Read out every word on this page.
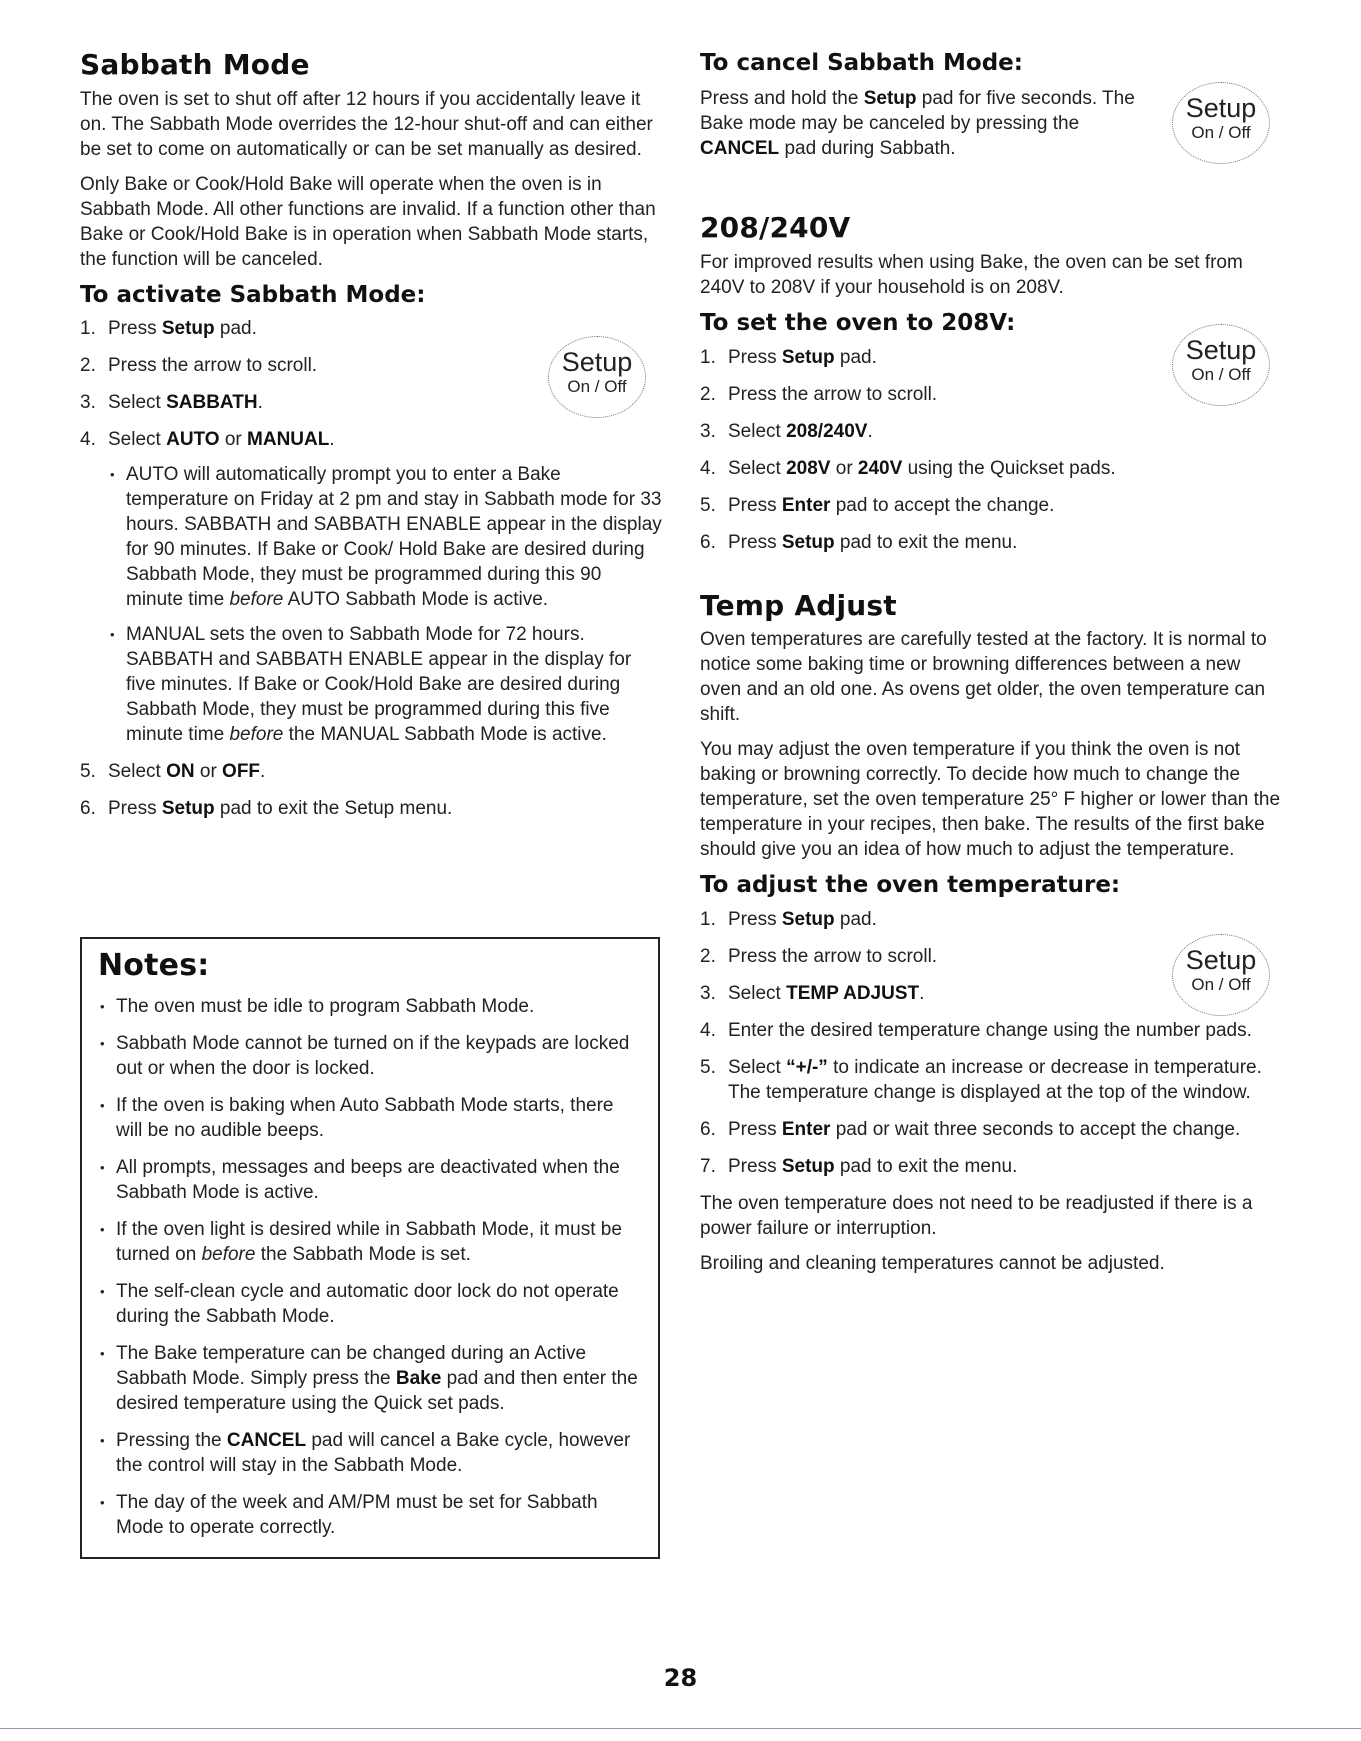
Sabbath Mode

The oven is set to shut off after 12 hours if you accidentally leave it on. The Sabbath Mode overrides the 12-hour shut-off and can either be set to come on automatically or can be set manually as desired.

Only Bake or Cook/Hold Bake will operate when the oven is in Sabbath Mode. All other functions are invalid. If a function other than Bake or Cook/Hold Bake is in operation when Sabbath Mode starts, the function will be canceled.

To activate Sabbath Mode:
1. Press Setup pad.
2. Press the arrow to scroll.
3. Select SABBATH.
4. Select AUTO or MANUAL.
• AUTO will automatically prompt you to enter a Bake temperature on Friday at 2 pm and stay in Sabbath mode for 33 hours. SABBATH and SABBATH ENABLE appear in the display for 90 minutes. If Bake or Cook/ Hold Bake are desired during Sabbath Mode, they must be programmed during this 90 minute time before AUTO Sabbath Mode is active.
• MANUAL sets the oven to Sabbath Mode for 72 hours. SABBATH and SABBATH ENABLE appear in the display for five minutes. If Bake or Cook/Hold Bake are desired during Sabbath Mode, they must be programmed during this five minute time before the MANUAL Sabbath Mode is active.
5. Select ON or OFF.
6. Press Setup pad to exit the Setup menu.
Setup
On / Off
Notes:
• The oven must be idle to program Sabbath Mode.
• Sabbath Mode cannot be turned on if the keypads are locked out or when the door is locked.
• If the oven is baking when Auto Sabbath Mode starts, there will be no audible beeps.
• All prompts, messages and beeps are deactivated when the Sabbath Mode is active.
• If the oven light is desired while in Sabbath Mode, it must be turned on before the Sabbath Mode is set.
• The self-clean cycle and automatic door lock do not operate during the Sabbath Mode.
• The Bake temperature can be changed during an Active Sabbath Mode. Simply press the Bake pad and then enter the desired temperature using the Quick set pads.
• Pressing the CANCEL pad will cancel a Bake cycle, however the control will stay in the Sabbath Mode.
• The day of the week and AM/PM must be set for Sabbath Mode to operate correctly.
To cancel Sabbath Mode:

Press and hold the Setup pad for five seconds. The Bake mode may be canceled by pressing the CANCEL pad during Sabbath.

208/240V

For improved results when using Bake, the oven can be set from 240V to 208V if your household is on 208V.

To set the oven to 208V:
1. Press Setup pad.
2. Press the arrow to scroll.
3. Select 208/240V.
4. Select 208V or 240V using the Quickset pads.
5. Press Enter pad to accept the change.
6. Press Setup pad to exit the menu.
Temp Adjust

Oven temperatures are carefully tested at the factory. It is normal to notice some baking time or browning differences between a new oven and an old one. As ovens get older, the oven temperature can shift.

You may adjust the oven temperature if you think the oven is not baking or browning correctly. To decide how much to change the temperature, set the oven temperature 25° F higher or lower than the temperature in your recipes, then bake. The results of the first bake should give you an idea of how much to adjust the temperature.

To adjust the oven temperature:
1. Press Setup pad.
2. Press the arrow to scroll.
3. Select TEMP ADJUST.
4. Enter the desired temperature change using the number pads.
5. Select “+/-” to indicate an increase or decrease in temperature. The temperature change is displayed at the top of the window.
6. Press Enter pad or wait three seconds to accept the change.
7. Press Setup pad to exit the menu.

The oven temperature does not need to be readjusted if there is a power failure or interruption.

Broiling and cleaning temperatures cannot be adjusted.

Setup
On / Off
Setup
On / Off
Setup
On / Off
28
